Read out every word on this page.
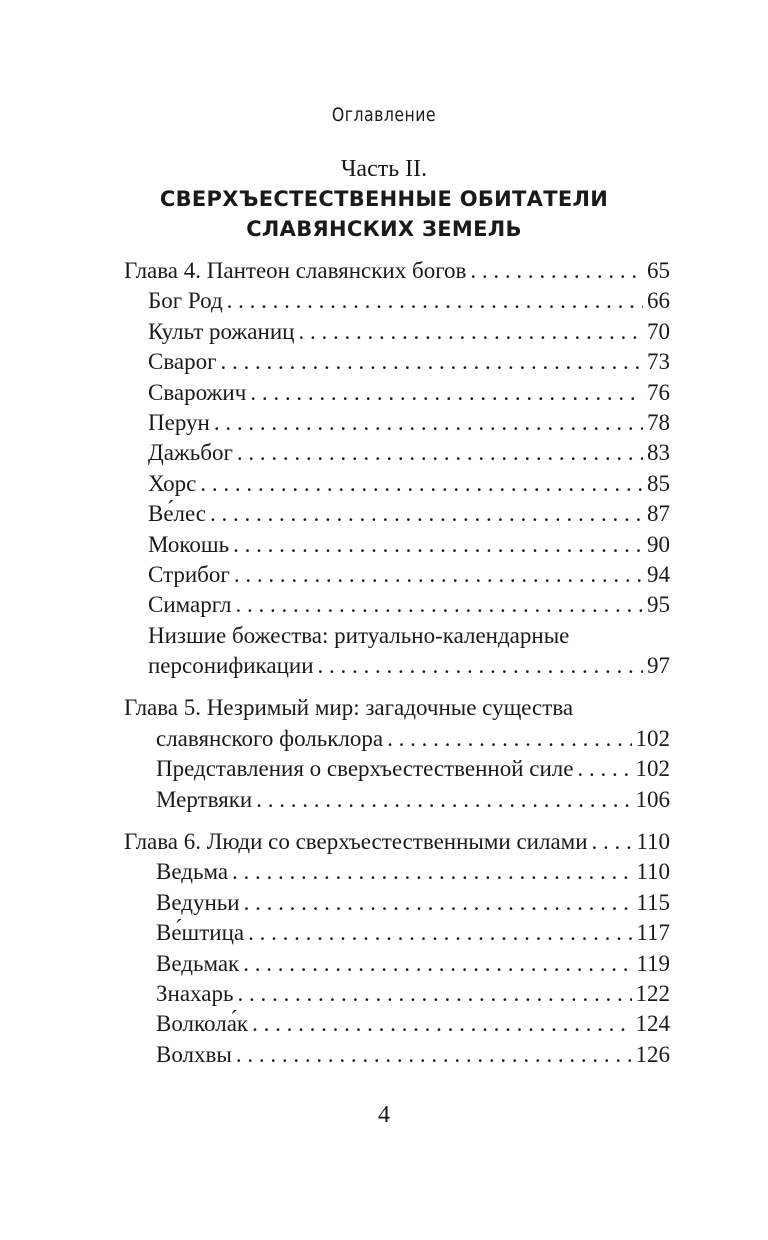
Оглавление
Часть II.
СВЕРХЪЕСТЕСТВЕННЫЕ ОБИТАТЕЛИ
СЛАВЯНСКИХ ЗЕМЕЛЬ
Глава 4. Пантеон славянских богов . . .	65
Бог Род . . .	66
Культ рожаниц . . .	70
Сварог . . .	73
Сварожич . . .	76
Перун . . .	78
Дажьбог . . .	83
Хорс . . .	85
Ве́лес . . .	87
Мокошь . . .	90
Стрибог . . .	94
Симаргл . . .	95
Низшие божества: ритуально-календарные
персонификации . . .	97
Глава 5. Незримый мир: загадочные существа
славянского фольклора . . .	102
Представления о сверхъестественной силе . . .	102
Мертвяки . . .	106
Глава 6. Люди со сверхъестественными силами . . . 110
Ведьма . . .	110
Ведуньи . . .	115
Ве́штица . . .	117
Ведьмак . . .	119
Знахарь . . .	122
Волкола́к . . .	124
Волхвы . . .	126
4
